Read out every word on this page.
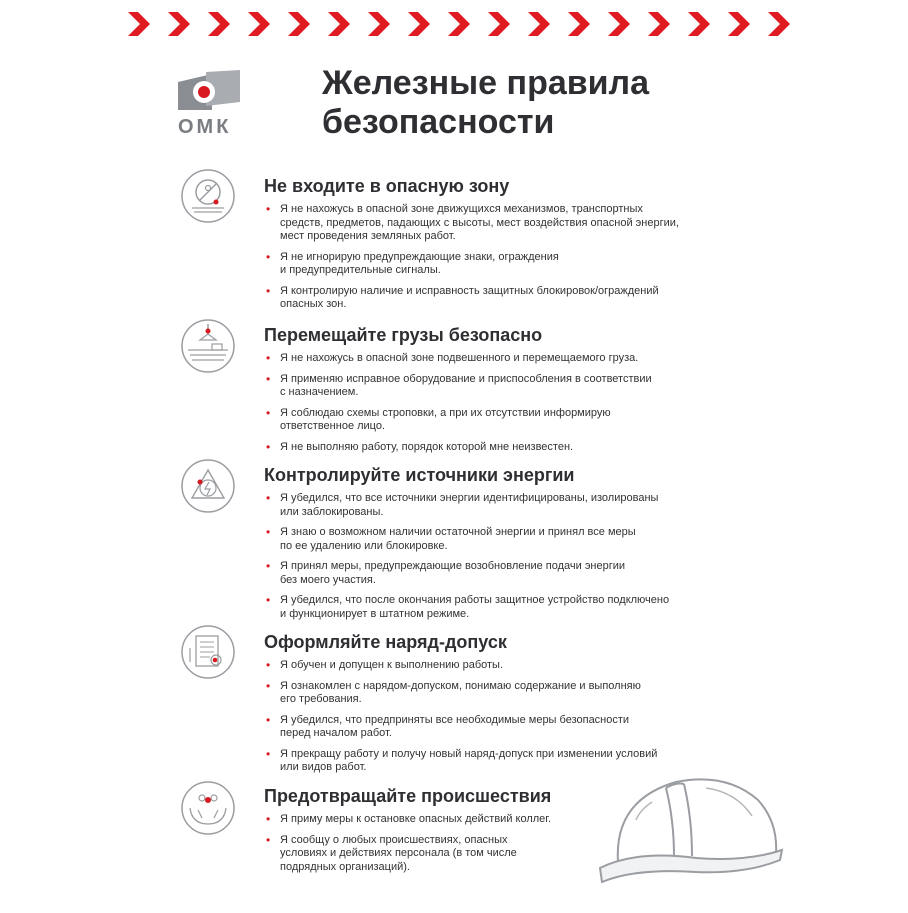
ОМК
Железные правила безопасности
Не входите в опасную зону
• Я не нахожусь в опасной зоне движущихся механизмов, транспортных
средств, предметов, падающих с высоты, мест воздействия опасной энергии,
мест проведения земляных работ.
• Я не игнорирую предупреждающие знаки, ограждения
и предупредительные сигналы.
• Я контролирую наличие и исправность защитных блокировок/ограждений
опасных зон.
Перемещайте грузы безопасно
• Я не нахожусь в опасной зоне подвешенного и перемещаемого груза.
• Я применяю исправное оборудование и приспособления в соответствии
с назначением.
• Я соблюдаю схемы строповки, а при их отсутствии информирую
ответственное лицо.
• Я не выполняю работу, порядок которой мне неизвестен.
Контролируйте источники энергии
• Я убедился, что все источники энергии идентифицированы, изолированы
или заблокированы.
• Я знаю о возможном наличии остаточной энергии и принял все меры
по ее удалению или блокировке.
• Я принял меры, предупреждающие возобновление подачи энергии
без моего участия.
• Я убедился, что после окончания работы защитное устройство подключено
и функционирует в штатном режиме.
Оформляйте наряд-допуск
• Я обучен и допущен к выполнению работы.
• Я ознакомлен с нарядом-допуском, понимаю содержание и выполняю
его требования.
• Я убедился, что предприняты все необходимые меры безопасности
перед началом работ.
• Я прекращу работу и получу новый наряд-допуск при изменении условий
или видов работ.
Предотвращайте происшествия
• Я приму меры к остановке опасных действий коллег.
• Я сообщу о любых происшествиях, опасных
условиях и действиях персонала (в том числе
подрядных организаций).
